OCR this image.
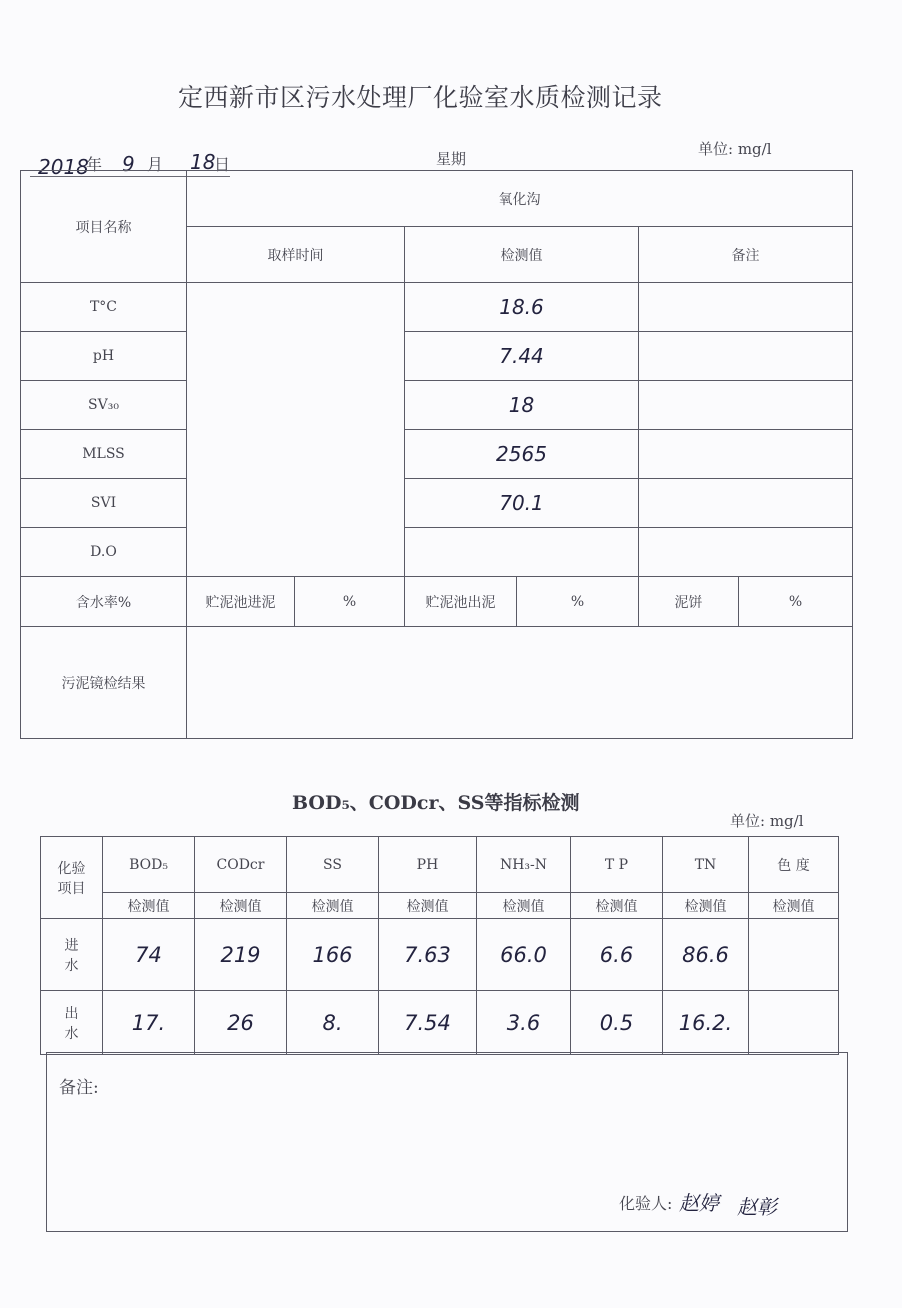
定西新市区污水处理厂化验室水质检测记录
2018
年 9 月 18
日	星期
单位: mg/l
项目名称	氧化沟					
	取样时间		检测值		备注	
T°C			18.6			
pH			7.44			
SV₃₀			18			
MLSS			2565			
SVI			70.1			
D.O						
含水率%	贮泥池进泥	%	贮泥池出泥	%	泥饼	%
污泥镜检结果						
BOD₅、CODcr、SS等指标检测
单位: mg/l
化验
项目	BOD₅	CODcr	SS	PH	NH₃-N	T P	TN	色 度
	检测值	检测值	检测值	检测值	检测值	检测值	检测值	检测值

进
水	74	219	166	7.63	66.0	6.6	86.6	

出
水	17.	26	8.	7.54	3.6	0.5	16.2.	
备注:
化验人: 赵婷 赵彰
